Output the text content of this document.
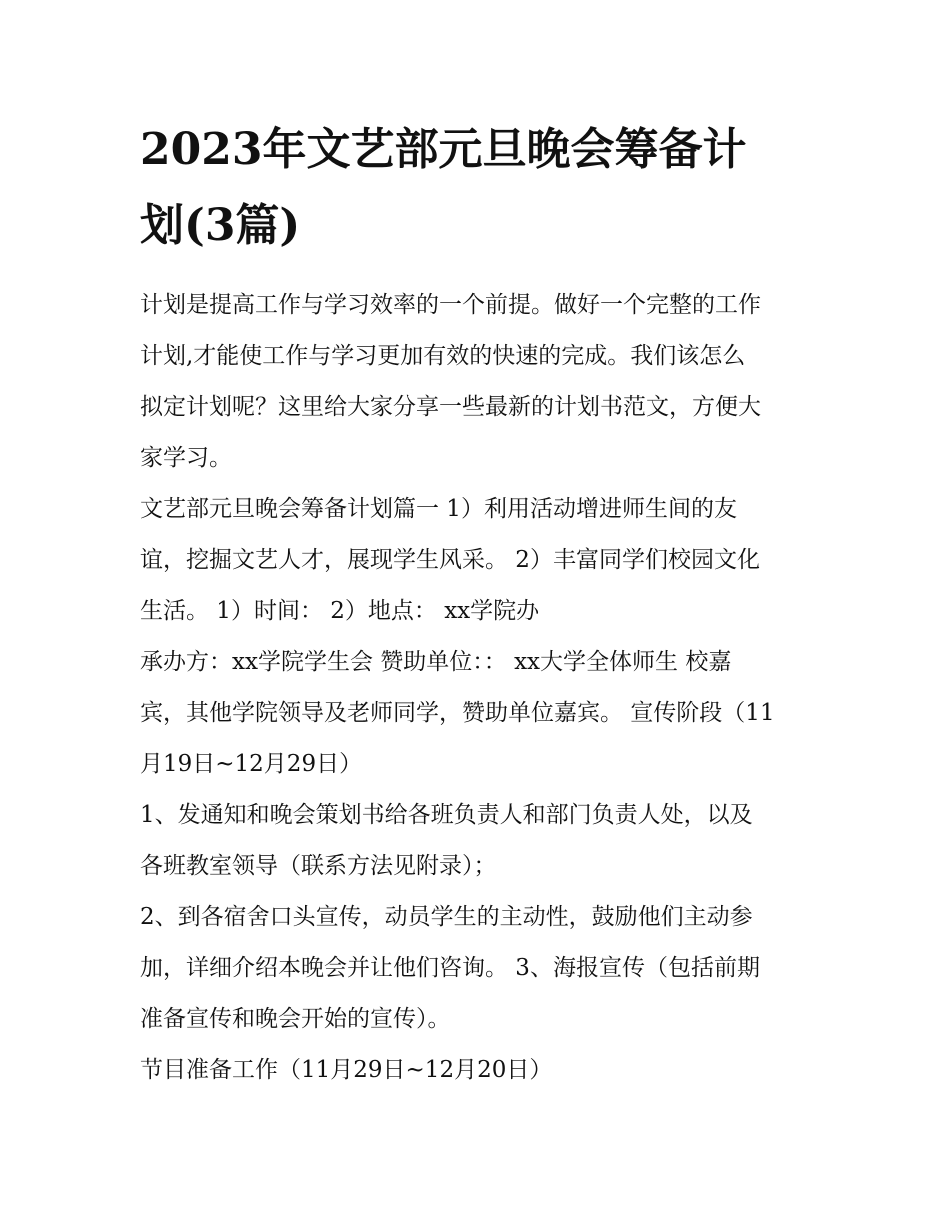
2023年文艺部元旦晚会筹备计
划(3篇)

计划是提高工作与学习效率的一个前提。做好一个完整的工作
计划,才能使工作与学习更加有效的快速的完成。我们该怎么
拟定计划呢？这里给大家分享一些最新的计划书范文，方便大
家学习。

文艺部元旦晚会筹备计划篇一 1）利用活动增进师生间的友
谊，挖掘文艺人才，展现学生风采。 2）丰富同学们校园文化
生活。 1）时间： 2）地点： xx学院办

承办方：xx学院学生会 赞助单位：： xx大学全体师生 校嘉
宾，其他学院领导及老师同学，赞助单位嘉宾。 宣传阶段（11
月19日~12月29日）

1、发通知和晚会策划书给各班负责人和部门负责人处，以及
各班教室领导（联系方法见附录）；

2、到各宿舍口头宣传，动员学生的主动性，鼓励他们主动参
加，详细介绍本晚会并让他们咨询。 3、海报宣传（包括前期
准备宣传和晚会开始的宣传）。

节目准备工作（11月29日~12月20日）
